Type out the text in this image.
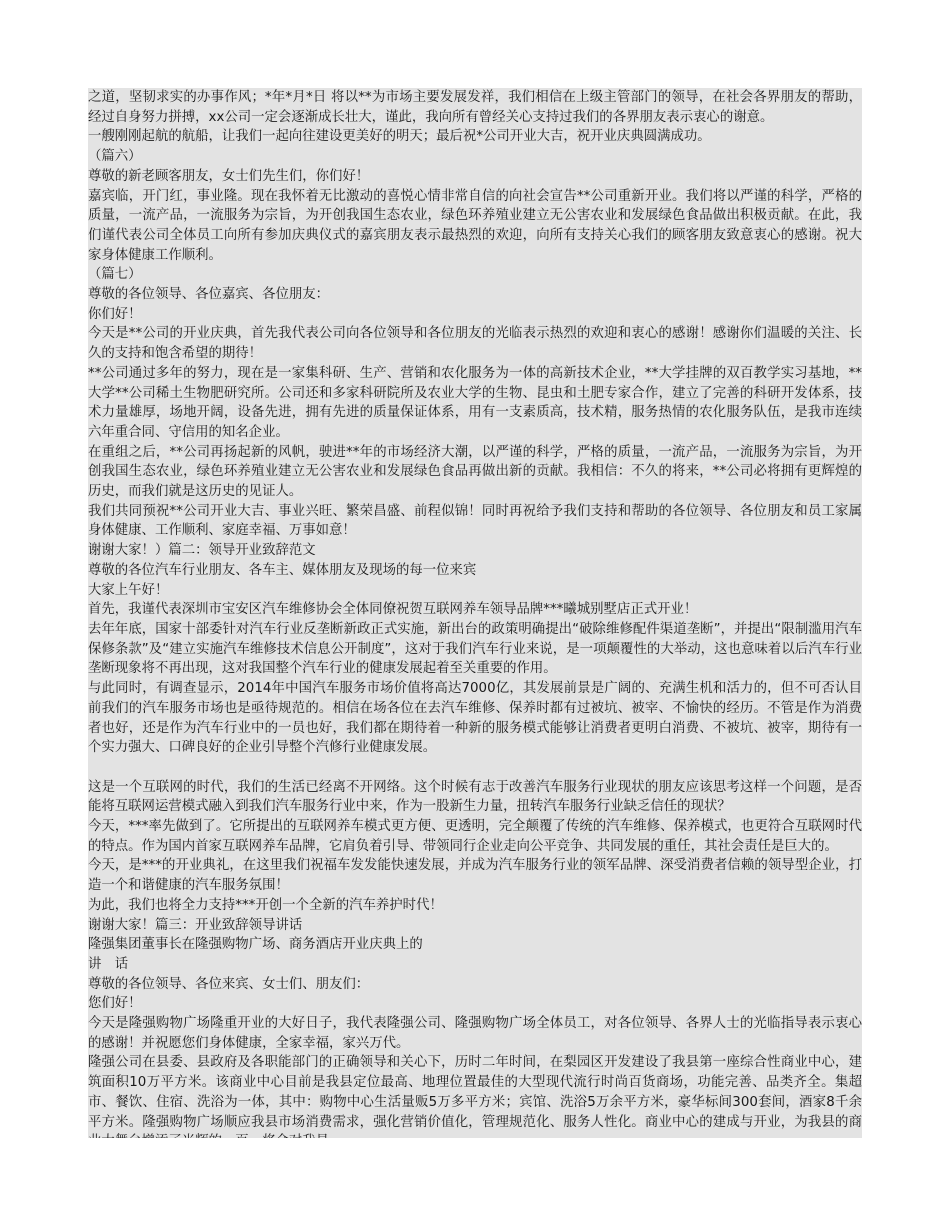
之道，坚韧求实的办事作风；*年*月*日 将以**为市场主要发展发祥，我们相信在上级主管部门的领导，在社会各界朋友的帮助，经过自身努力拼搏，xx公司一定会逐渐成长壮大，谨此，我向所有曾经关心支持过我们的各界朋友表示衷心的谢意。

一艘刚刚起航的航船，让我们一起向往建设更美好的明天；最后祝*公司开业大吉，祝开业庆典圆满成功。

（篇六）

尊敬的新老顾客朋友，女士们先生们，你们好！

嘉宾临，开门红，事业隆。现在我怀着无比激动的喜悦心情非常自信的向社会宣告**公司重新开业。我们将以严谨的科学，严格的质量，一流产品，一流服务为宗旨，为开创我国生态农业，绿色环养殖业建立无公害农业和发展绿色食品做出积极贡献。在此，我们谨代表公司全体员工向所有参加庆典仪式的嘉宾朋友表示最热烈的欢迎，向所有支持关心我们的顾客朋友致意衷心的感谢。祝大家身体健康工作顺利。

（篇七）

尊敬的各位领导、各位嘉宾、各位朋友：

你们好！

今天是**公司的开业庆典，首先我代表公司向各位领导和各位朋友的光临表示热烈的欢迎和衷心的感谢！感谢你们温暖的关注、长久的支持和饱含希望的期待！

**公司通过多年的努力，现在是一家集科研、生产、营销和农化服务为一体的高新技术企业，**大学挂牌的双百教学实习基地，**大学**公司稀土生物肥研究所。公司还和多家科研院所及农业大学的生物、昆虫和土肥专家合作，建立了完善的科研开发体系，技术力量雄厚，场地开阔，设备先进，拥有先进的质量保证体系，用有一支素质高，技术精，服务热情的农化服务队伍，是我市连续六年重合同、守信用的知名企业。

在重组之后，**公司再扬起新的风帆，驶进**年的市场经济大潮，以严谨的科学，严格的质量，一流产品，一流服务为宗旨，为开创我国生态农业，绿色环养殖业建立无公害农业和发展绿色食品再做出新的贡献。我相信：不久的将来，**公司必将拥有更辉煌的历史，而我们就是这历史的见证人。

我们共同预祝**公司开业大吉、事业兴旺、繁荣昌盛、前程似锦！同时再祝给予我们支持和帮助的各位领导、各位朋友和员工家属身体健康、工作顺利、家庭幸福、万事如意！

谢谢大家！）篇二：领导开业致辞范文

尊敬的各位汽车行业朋友、各车主、媒体朋友及现场的每一位来宾

大家上午好！

首先，我谨代表深圳市宝安区汽车维修协会全体同僚祝贺互联网养车领导品牌***曦城别墅店正式开业！

去年年底，国家十部委针对汽车行业反垄断新政正式实施，新出台的政策明确提出“破除维修配件渠道垄断”，并提出“限制滥用汽车保修条款”及“建立实施汽车维修技术信息公开制度”，这对于我们汽车行业来说，是一项颠覆性的大举动，这也意味着以后汽车行业垄断现象将不再出现，这对我国整个汽车行业的健康发展起着至关重要的作用。

与此同时，有调查显示，2014年中国汽车服务市场价值将高达7000亿，其发展前景是广阔的、充满生机和活力的，但不可否认目前我们的汽车服务市场也是亟待规范的。相信在场各位在去汽车维修、保养时都有过被坑、被宰、不愉快的经历。不管是作为消费者也好，还是作为汽车行业中的一员也好，我们都在期待着一种新的服务模式能够让消费者更明白消费、不被坑、被宰，期待有一个实力强大、口碑良好的企业引导整个汽修行业健康发展。

这是一个互联网的时代，我们的生活已经离不开网络。这个时候有志于改善汽车服务行业现状的朋友应该思考这样一个问题，是否能将互联网运营模式融入到我们汽车服务行业中来，作为一股新生力量，扭转汽车服务行业缺乏信任的现状？

今天，***率先做到了。它所提出的互联网养车模式更方便、更透明，完全颠覆了传统的汽车维修、保养模式，也更符合互联网时代的特点。作为国内首家互联网养车品牌，它肩负着引导、带领同行企业走向公平竞争、共同发展的重任，其社会责任是巨大的。

今天，是***的开业典礼，在这里我们祝福车发发能快速发展，并成为汽车服务行业的领军品牌、深受消费者信赖的领导型企业，打造一个和谐健康的汽车服务氛围！

为此，我们也将全力支持***开创一个全新的汽车养护时代！

谢谢大家！篇三：开业致辞领导讲话

隆强集团董事长在隆强购物广场、商务酒店开业庆典上的

讲　话

尊敬的各位领导、各位来宾、女士们、朋友们：

您们好！

今天是隆强购物广场隆重开业的大好日子，我代表隆强公司、隆强购物广场全体员工，对各位领导、各界人士的光临指导表示衷心的感谢！并祝愿您们身体健康，全家幸福，家兴万代。

隆强公司在县委、县政府及各职能部门的正确领导和关心下，历时二年时间，在梨园区开发建设了我县第一座综合性商业中心，建筑面积10万平方米。该商业中心目前是我县定位最高、地理位置最佳的大型现代流行时尚百货商场，功能完善、品类齐全。集超市、餐饮、住宿、洗浴为一体，其中：购物中心生活量贩5万多平方米；宾馆、洗浴5万余平方米，豪华标间300套间，酒家8千余平方米。隆强购物广场顺应我县市场消费需求，强化营销价值化，管理规范化、服务人性化。商业中心的建成与开业，为我县的商
